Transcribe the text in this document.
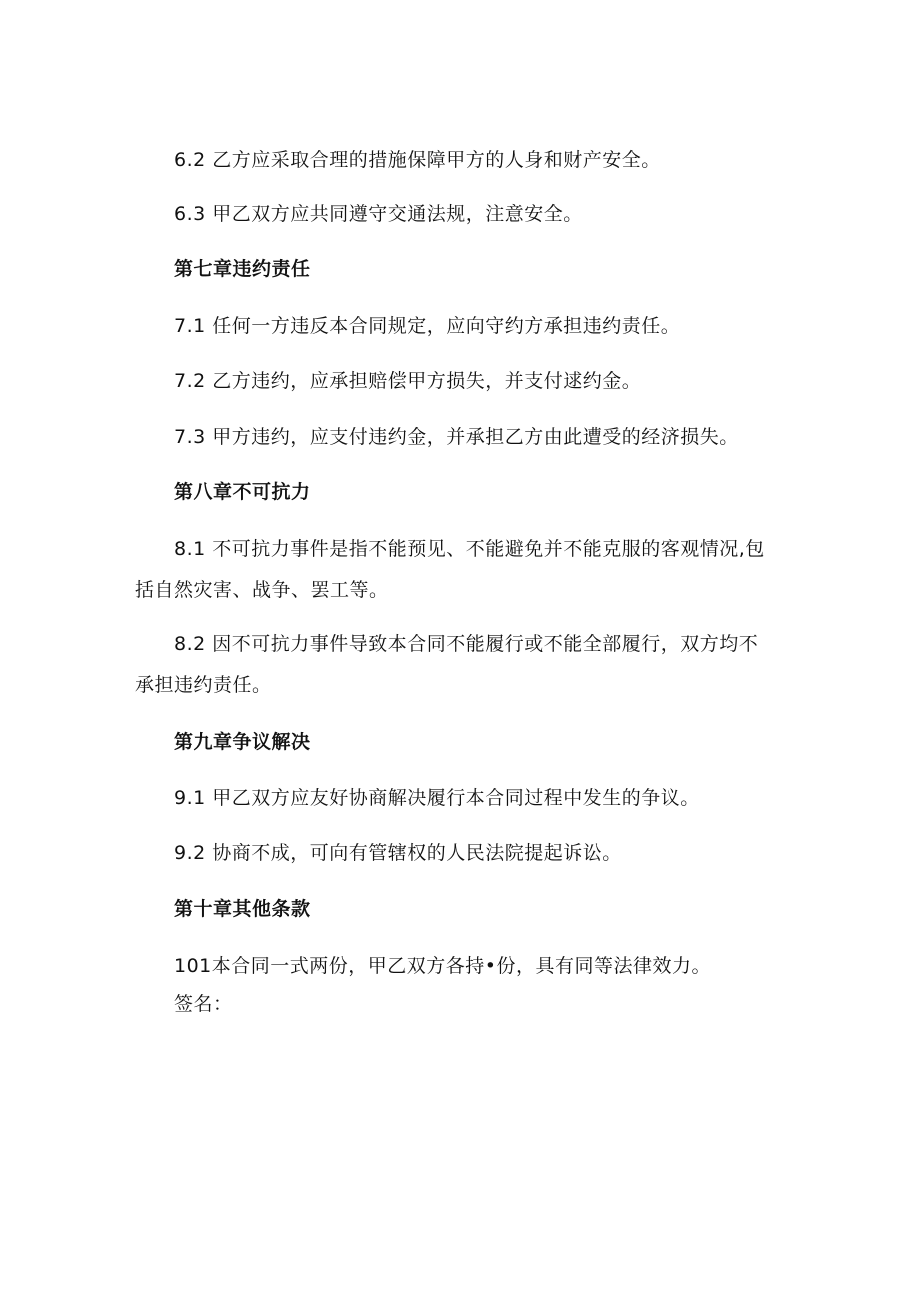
6.2 乙方应采取合理的措施保障甲方的人身和财产安全。
6.3 甲乙双方应共同遵守交通法规，注意安全。
第七章违约责任
7.1 任何一方违反本合同规定，应向守约方承担违约责任。
7.2 乙方违约，应承担赔偿甲方损失，并支付逑约金。
7.3 甲方违约，应支付违约金，并承担乙方由此遭受的经济损失。
第八章不可抗力
8.1 不可抗力事件是指不能预见、不能避免并不能克服的客观情况,包
括自然灾害、战争、罢工等。
8.2 因不可抗力事件导致本合同不能履行或不能全部履行，双方均不
承担违约责任。
第九章争议解决
9.1 甲乙双方应友好协商解决履行本合同过程中发生的争议。
9.2 协商不成，可向有管辖权的人民法院提起诉讼。
第十章其他条款
101本合同一式两份，甲乙双方各持•份，具有同等法律效力。
签名：
